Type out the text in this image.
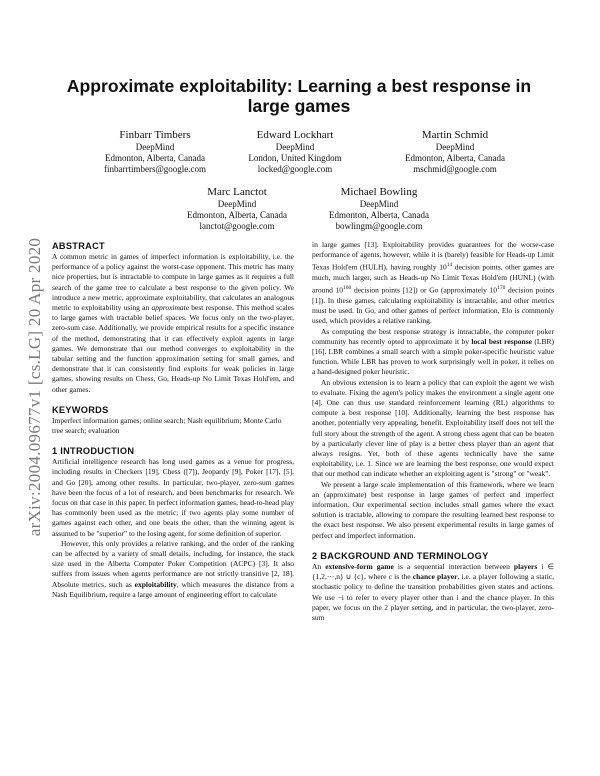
arXiv:2004.09677v1 [cs.LG] 20 Apr 2020
Approximate exploitability: Learning a best response in large games
Finbarr Timbers
DeepMind
Edmonton, Alberta, Canada
finbarrtimbers@google.com
Edward Lockhart
DeepMind
London, United Kingdom
locked@google.com
Martin Schmid
DeepMind
Edmonton, Alberta, Canada
mschmid@google.com
Marc Lanctot
DeepMind
Edmonton, Alberta, Canada
lanctot@google.com
Michael Bowling
DeepMind
Edmonton, Alberta, Canada
bowlingm@google.com

ABSTRACT

A common metric in games of imperfect information is exploitability, i.e. the performance of a policy against the worst-case opponent. This metric has many nice properties, but is intractable to compute in large games as it requires a full search of the game tree to calculate a best response to the given policy. We introduce a new metric, approximate exploitability, that calculates an analogous metric to exploitability using an approximate best response. This method scales to large games with tractable belief spaces. We focus only on the two-player, zero-sum case. Additionally, we provide empirical results for a specific instance of the method, demonstrating that it can effectively exploit agents in large games. We demonstrate that our method converges to exploitability in the tabular setting and the function approximation setting for small games, and demonstrate that it can consistently find exploits for weak policies in large games, showing results on Chess, Go, Heads-up No Limit Texas Hold'em, and other games.

KEYWORDS

Imperfect information games; online search; Nash equilibrium; Monte Carlo tree search; evaluation

1 INTRODUCTION

Artificial intelligence research has long used games as a venue for progress, including results in Checkers [19], Chess ([7]), Jeopardy [9], Poker [17], [5], and Go [20], among other results. In particular, two-player, zero-sum games have been the focus of a lot of research, and been benchmarks for research. We focus on that case in this paper. In perfect information games, head-to-head play has commonly been used as the metric; if two agents play some number of games against each other, and one beats the other, than the winning agent is assumed to be "superior" to the losing agent, for some definition of superior.

However, this only provides a relative ranking, and the order of the ranking can be affected by a variety of small details, including, for instance, the stack size used in the Alberta Computer Poker Competition (ACPC) [3]. It also suffers from issues when agents performance are not strictly transitive [2, 18]. Absolute metrics, such as exploitability, which measures the distance from a Nash Equilibrium, require a large amount of engineering effort to calculate

in large games [13]. Exploitability provides guarantees for the worse-case performance of agents, however, while it is (barely) feasible for Heads-up Limit Texas Hold'em (HULH), having roughly $10^{14}$ decision points, other games are much, much larger, such as Heads-up No Limit Texas Hold'em (HUNL) (with around $10^{160}$ decision points [12]) or Go (approximately $10^{170}$ decision points [1]). In these games, calculating exploitability is intractable, and other metrics must be used. In Go, and other games of perfect information, Elo is commonly used, which provides a relative ranking.

As computing the best response strategy is intractable, the computer poker community has recently opted to approximate it by local best response (LBR) [16]. LBR combines a small search with a simple poker-specific heuristic value function. While LBR has proven to work surprisingly well in poker, it relies on a hand-designed poker heuristic.

An obvious extension is to learn a policy that can exploit the agent we wish to evaluate. Fixing the agent's policy makes the environment a single agent one [4]. One can thus use standard reinforcement learning (RL) algorithms to compute a best response [10]. Additionally, learning the best response has another, potentially very appealing, benefit. Exploitability itself does not tell the full story about the strength of the agent. A strong chess agent that can be beaten by a particularly clever line of play is a better chess player than an agent that always resigns. Yet, both of these agents technically have the same exploitability, i.e. 1. Since we are learning the best response, one would expect that our method can indicate whether an exploiting agent is "strong" or "weak".

We present a large scale implementation of this framework, where we learn an (approximate) best response in large games of perfect and imperfect information. Our experimental section includes small games where the exact solution is tractable, allowing to compare the resulting learned best response to the exact best response. We also present experimental results in large games of perfect and imperfect information.

2 BACKGROUND AND TERMINOLOGY

An extensive-form game is a sequential interaction between players i ∈ {1,2,···,n} ∪ {c}, where c is the chance player, i.e. a player following a static, stochastic policy to define the transition probabilities given states and actions. We use −i to refer to every player other than i and the chance player. In this paper, we focus on the 2 player setting, and in particular, the two-player, zero-sum
